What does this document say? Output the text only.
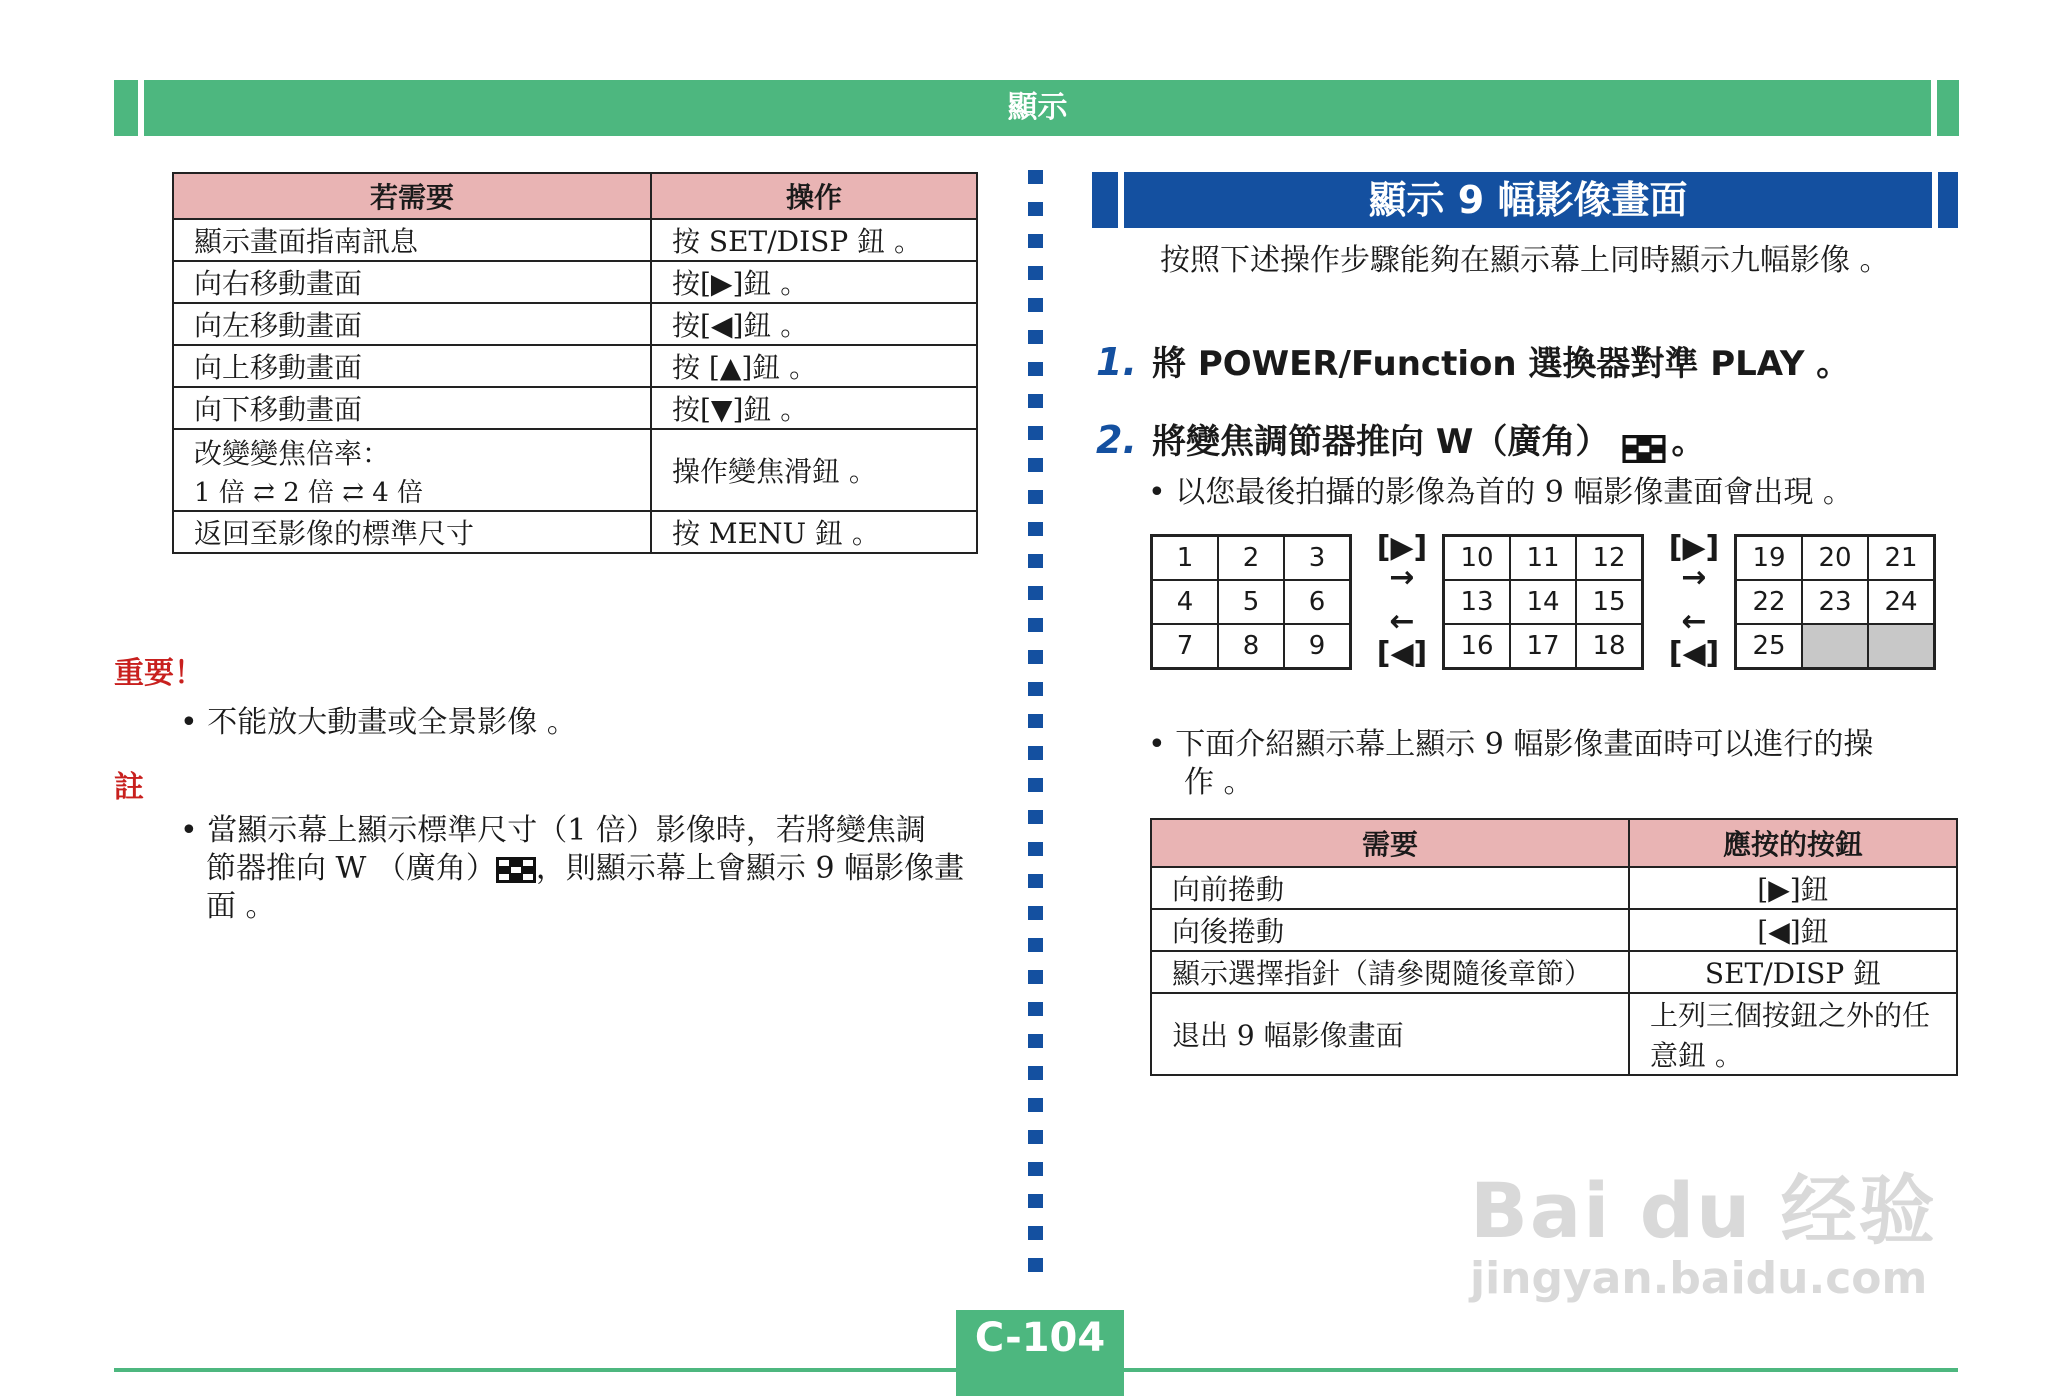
顯示
若需要	操作
顯示畫面指南訊息	按 SET/DISP 鈕 。
向右移動畫面	按[▶]鈕 。
向左移動畫面	按[◀]鈕 。
向上移動畫面	按 [▲]鈕 。
向下移動畫面	按[▼]鈕 。

改變變焦倍率：
1 倍 ⇄ 2 倍 ⇄ 4 倍	操作變焦滑鈕 。
返回至影像的標準尺寸	按 MENU 鈕 。
重要！
• 不能放大動畫或全景影像 。
註
• 當顯示幕上顯示標準尺寸（1 倍）影像時，若將變焦調
節器推向 W （廣角） ，則顯示幕上會顯示 9 幅影像畫
面 。
顯示 9 幅影像畫面
按照下述操作步驟能夠在顯示幕上同時顯示九幅影像 。
1. 將 POWER/Function 選換器對準 PLAY 。
2. 將變焦調節器推向 W（廣角） 。
• 以您最後拍攝的影像為首的 9 幅影像畫面會出現 。
1	2	3
4	5	6
7	8	9
10	11	12
13	14	15
16	17	18
19	20	21
22	23	24
25		
[▶]
→
←
[◀]
[▶]
→
←
[◀]
• 下面介紹顯示幕上顯示 9 幅影像畫面時可以進行的操
作 。
需要	應按的按鈕
向前捲動	[▶]鈕
向後捲動	[◀]鈕
顯示選擇指針（請參閱隨後章節）	SET/DISP 鈕
退出 9 幅影像畫面	上列三個按鈕之外的任
意鈕 。
Bai du 经验
jingyan.baidu.com
C-104
